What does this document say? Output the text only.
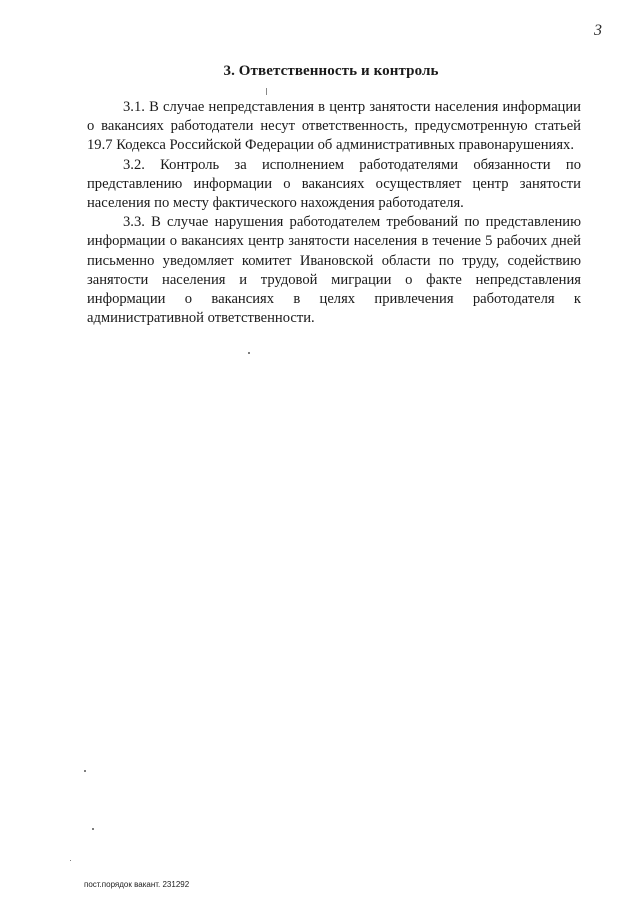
3
3. Ответственность и контроль

3.1. В случае непредставления в центр занятости населения информации о вакансиях работодатели несут ответственность, предусмотренную статьей 19.7 Кодекса Российской Федерации об административных правонарушениях.

3.2. Контроль за исполнением работодателями обязанности по представлению информации о вакансиях осуществляет центр занятости населения по месту фактического нахождения работодателя.

3.3. В случае нарушения работодателем требований по представлению информации о вакансиях центр занятости населения в течение 5 рабочих дней письменно уведомляет комитет Ивановской области по труду, содействию занятости населения и трудовой миграции о факте непредставления информации о вакансиях в целях привлечения работодателя к административной ответственности.

пост.порядок вакант. 231292
